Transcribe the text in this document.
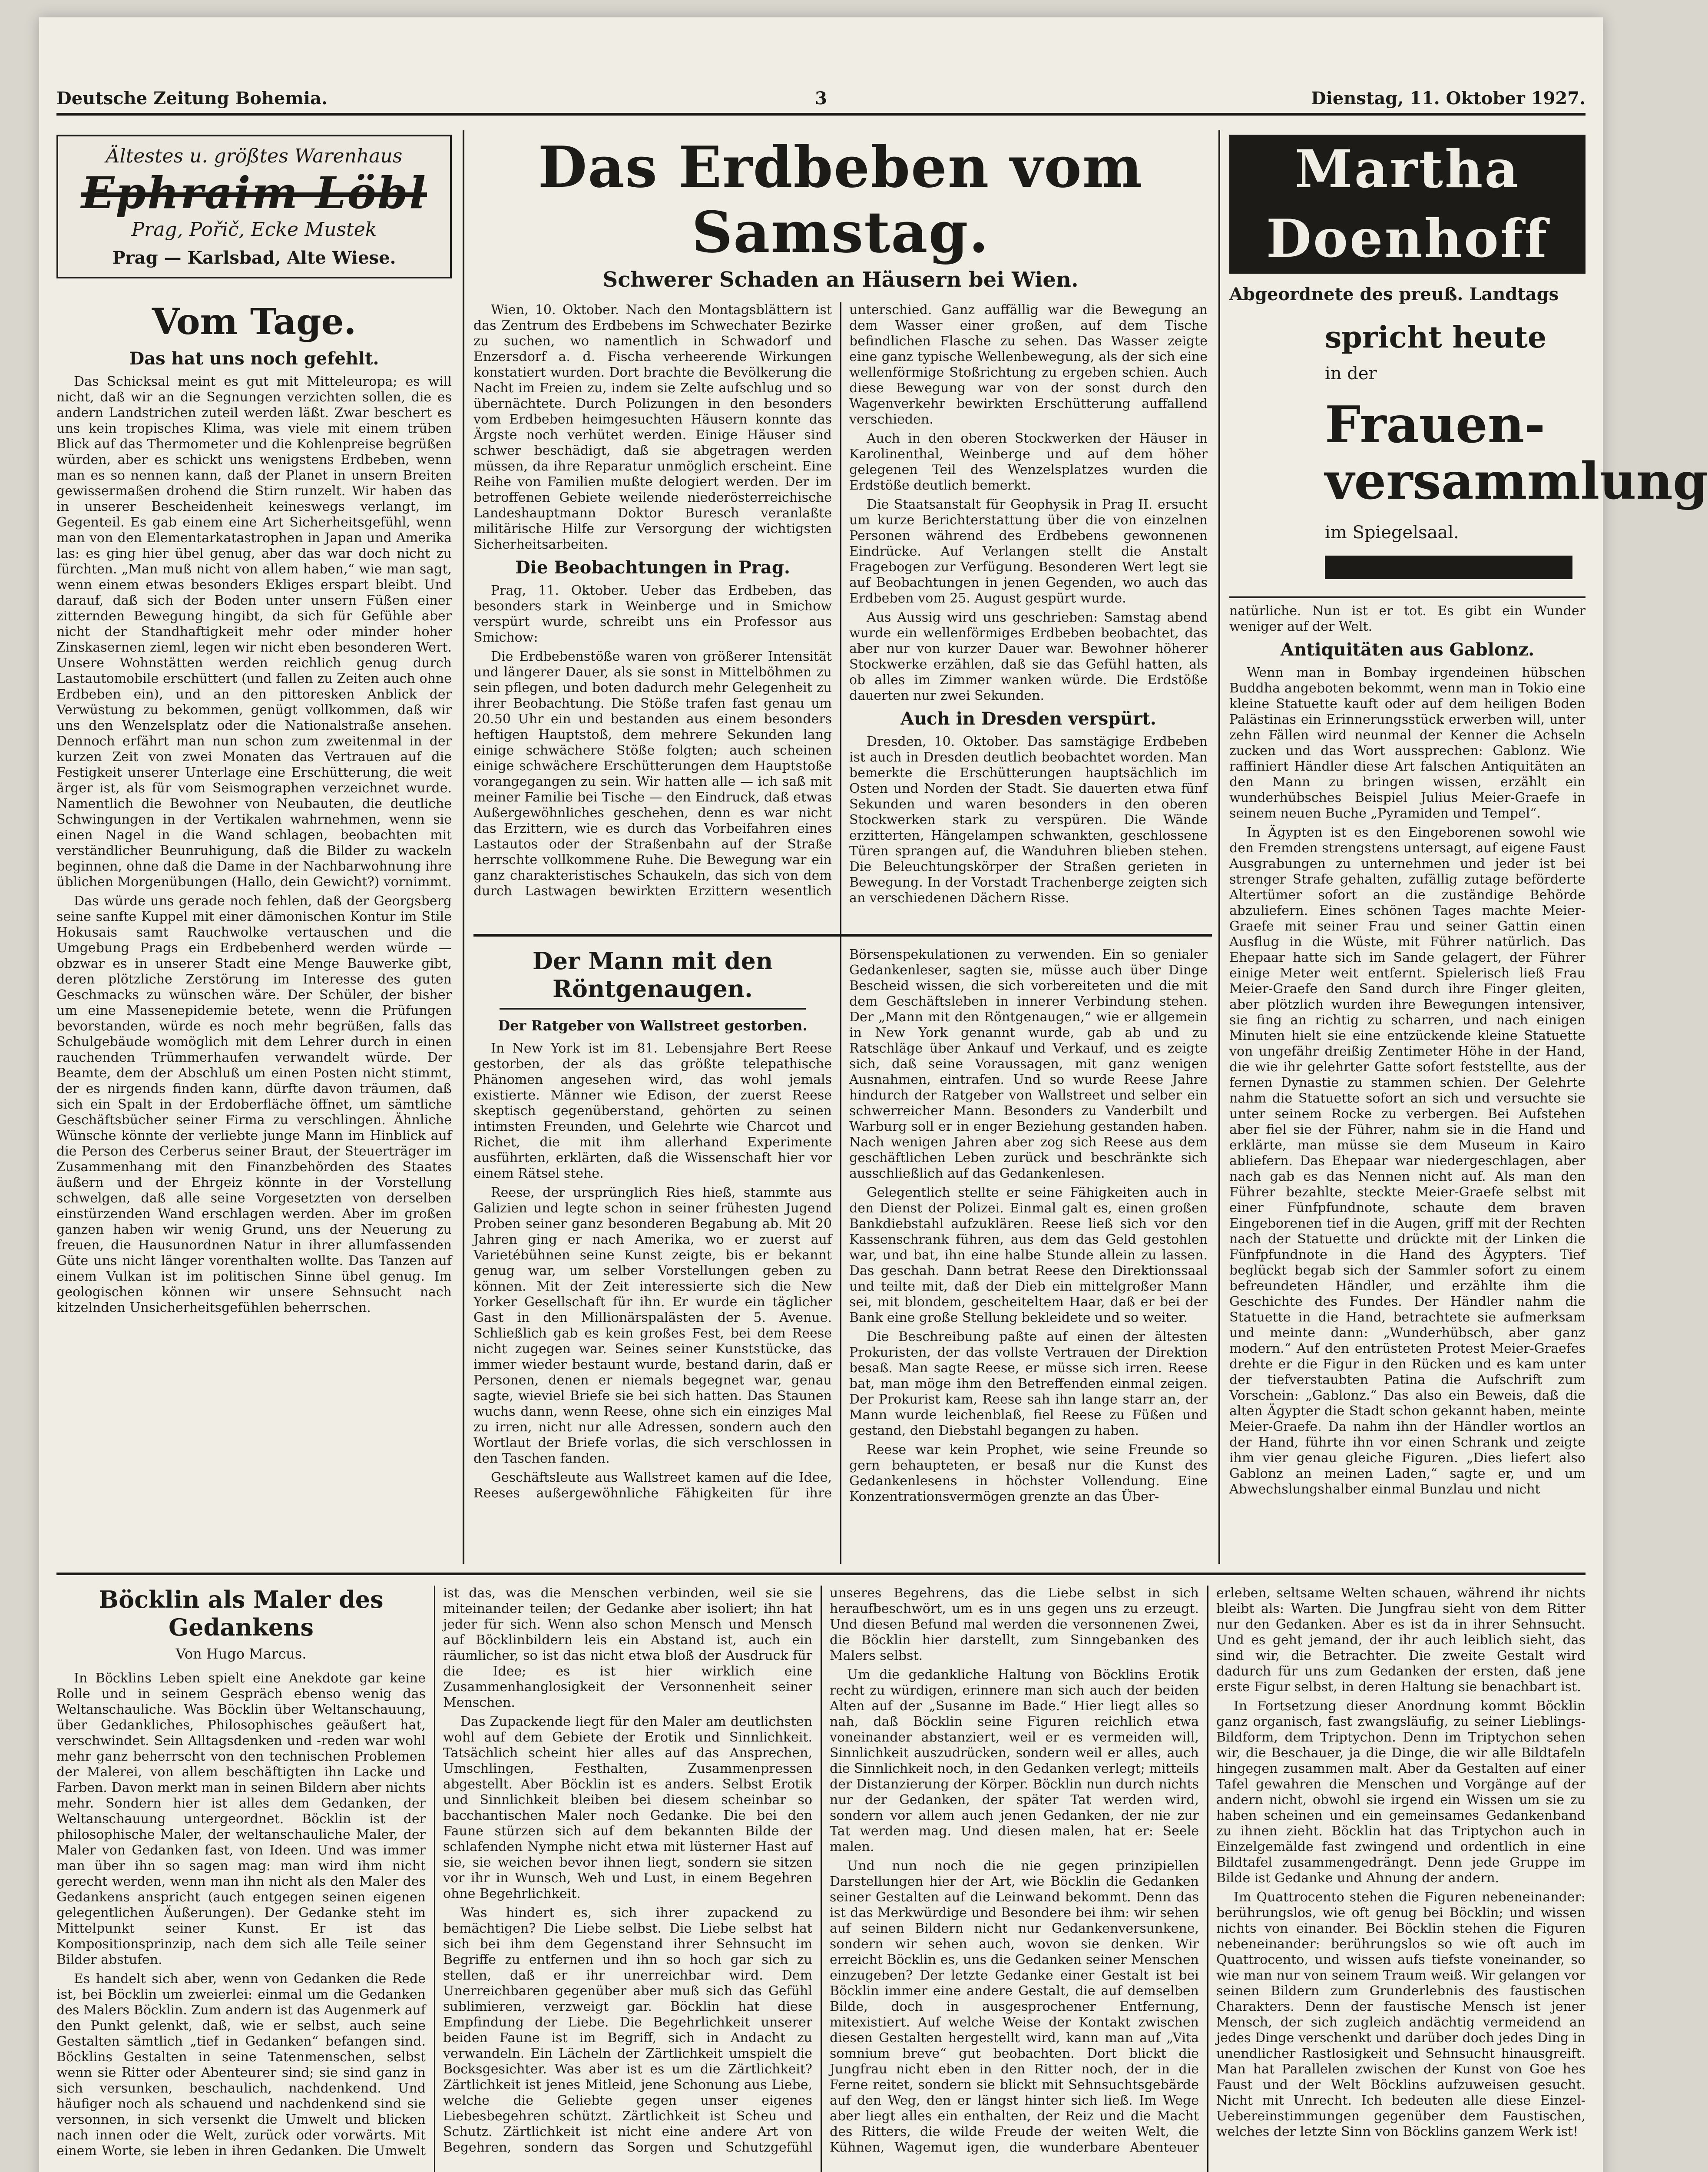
Deutsche Zeitung Bohemia.	3	Dienstag, 11. Oktober 1927.
Ältestes u. größtes Warenhaus
Ephraim Löbl
Prag, Pořič, Ecke Mustek
Prag — Karlsbad, Alte Wiese.
Vom Tage.
Das hat uns noch gefehlt.

Das Schicksal meint es gut mit Mitteleuropa; es will nicht, daß wir an die Segnungen verzichten sollen, die es andern Landstrichen zuteil werden läßt. Zwar beschert es uns kein tropisches Klima, was viele mit einem trüben Blick auf das Thermometer und die Kohlenpreise begrüßen würden, aber es schickt uns wenigstens Erdbeben, wenn man es so nennen kann, daß der Planet in unsern Breiten gewissermaßen drohend die Stirn runzelt. Wir haben das in unserer Bescheidenheit keineswegs verlangt, im Gegenteil. Es gab einem eine Art Sicherheitsgefühl, wenn man von den Elementarkatastrophen in Japan und Amerika las: es ging hier übel genug, aber das war doch nicht zu fürchten. „Man muß nicht von allem haben,“ wie man sagt, wenn einem etwas besonders Ekliges erspart bleibt. Und darauf, daß sich der Boden unter unsern Füßen einer zitternden Bewegung hingibt, da sich für Gefühle aber nicht der Standhaftigkeit mehr oder minder hoher Zinskasernen zieml, legen wir nicht eben besonderen Wert. Unsere Wohnstätten werden reichlich genug durch Lastautomobile erschüttert (und fallen zu Zeiten auch ohne Erdbeben ein), und an den pittoresken Anblick der Verwüstung zu bekommen, genügt vollkommen, daß wir uns den Wenzelsplatz oder die Nationalstraße ansehen. Dennoch erfährt man nun schon zum zweitenmal in der kurzen Zeit von zwei Monaten das Vertrauen auf die Festigkeit unserer Unterlage eine Erschütterung, die weit ärger ist, als für vom Seismographen verzeichnet wurde. Namentlich die Bewohner von Neubauten, die deutliche Schwingungen in der Vertikalen wahrnehmen, wenn sie einen Nagel in die Wand schlagen, beobachten mit verständlicher Beunruhigung, daß die Bilder zu wackeln beginnen, ohne daß die Dame in der Nachbarwohnung ihre üblichen Morgenübungen (Hallo, dein Gewicht?) vornimmt.

Das würde uns gerade noch fehlen, daß der Georgsberg seine sanfte Kuppel mit einer dämonischen Kontur im Stile Hokusais samt Rauchwolke vertauschen und die Umgebung Prags ein Erdbebenherd werden würde — obzwar es in unserer Stadt eine Menge Bauwerke gibt, deren plötzliche Zerstörung im Interesse des guten Geschmacks zu wünschen wäre. Der Schüler, der bisher um eine Massenepidemie betete, wenn die Prüfungen bevorstanden, würde es noch mehr begrüßen, falls das Schulgebäude womöglich mit dem Lehrer durch in einen rauchenden Trümmerhaufen verwandelt würde. Der Beamte, dem der Abschluß um einen Posten nicht stimmt, der es nirgends finden kann, dürfte davon träumen, daß sich ein Spalt in der Erdoberfläche öffnet, um sämtliche Geschäftsbücher seiner Firma zu verschlingen. Ähnliche Wünsche könnte der verliebte junge Mann im Hinblick auf die Person des Cerberus seiner Braut, der Steuerträger im Zusammenhang mit den Finanzbehörden des Staates äußern und der Ehrgeiz könnte in der Vorstellung schwelgen, daß alle seine Vorgesetzten von derselben einstürzenden Wand erschlagen werden. Aber im großen ganzen haben wir wenig Grund, uns der Neuerung zu freuen, die Hausunordnen Natur in ihrer allumfassenden Güte uns nicht länger vorenthalten wollte. Das Tanzen auf einem Vulkan ist im politischen Sinne übel genug. Im geologischen können wir unsere Sehnsucht nach kitzelnden Unsicherheitsgefühlen beherrschen.

Das Erdbeben vom Samstag.
Schwerer Schaden an Häusern bei Wien.

Wien, 10. Oktober. Nach den Montagsblättern ist das Zentrum des Erdbebens im Schwechater Bezirke zu suchen, wo namentlich in Schwadorf und Enzersdorf a. d. Fischa verheerende Wirkungen konstatiert wurden. Dort brachte die Bevölkerung die Nacht im Freien zu, indem sie Zelte aufschlug und so übernächtete. Durch Polizungen in den besonders vom Erdbeben heimgesuchten Häusern konnte das Ärgste noch verhütet werden. Einige Häuser sind schwer beschädigt, daß sie abgetragen werden müssen, da ihre Reparatur unmöglich erscheint. Eine Reihe von Familien mußte delogiert werden. Der im betroffenen Gebiete weilende niederösterreichische Landeshauptmann Doktor Buresch veranlaßte militärische Hilfe zur Versorgung der wichtigsten Sicherheitsarbeiten.

Die Beobachtungen in Prag.

Prag, 11. Oktober. Ueber das Erdbeben, das besonders stark in Weinberge und in Smichow verspürt wurde, schreibt uns ein Professor aus Smichow:

Die Erdbebenstöße waren von größerer Intensität und längerer Dauer, als sie sonst in Mittelböhmen zu sein pflegen, und boten dadurch mehr Gelegenheit zu ihrer Beobachtung. Die Stöße trafen fast genau um 20.50 Uhr ein und bestanden aus einem besonders heftigen Hauptstoß, dem mehrere Sekunden lang einige schwächere Stöße folgten; auch scheinen einige schwächere Erschütterungen dem Hauptstoße vorangegangen zu sein. Wir hatten alle — ich saß mit meiner Familie bei Tische — den Eindruck, daß etwas Außergewöhnliches geschehen, denn es war nicht das Erzittern, wie es durch das Vorbeifahren eines Lastautos oder der Straßenbahn auf der Straße herrschte vollkommene Ruhe. Die Bewegung war ein ganz charakteristisches Schaukeln, das sich von dem durch Lastwagen bewirkten Erzittern wesentlich unterschied. Ganz auffällig war die Bewegung an dem Wasser einer großen, auf dem Tische befindlichen Flasche zu sehen. Das Wasser zeigte eine ganz typische Wellenbewegung, als der sich eine wellenförmige Stoßrichtung zu ergeben schien. Auch diese Bewegung war von der sonst durch den Wagenverkehr bewirkten Erschütterung auffallend verschieden.

Auch in den oberen Stockwerken der Häuser in Karolinenthal, Weinberge und auf dem höher gelegenen Teil des Wenzelsplatzes wurden die Erdstöße deutlich bemerkt.

Die Staatsanstalt für Geophysik in Prag II. ersucht um kurze Berichterstattung über die von einzelnen Personen während des Erdbebens gewonnenen Eindrücke. Auf Verlangen stellt die Anstalt Fragebogen zur Verfügung. Besonderen Wert legt sie auf Beobachtungen in jenen Gegenden, wo auch das Erdbeben vom 25. August gespürt wurde.

Aus Aussig wird uns geschrieben: Samstag abend wurde ein wellenförmiges Erdbeben beobachtet, das aber nur von kurzer Dauer war. Bewohner höherer Stockwerke erzählen, daß sie das Gefühl hatten, als ob alles im Zimmer wanken würde. Die Erdstöße dauerten nur zwei Sekunden.

Auch in Dresden verspürt.

Dresden, 10. Oktober. Das samstägige Erdbeben ist auch in Dresden deutlich beobachtet worden. Man bemerkte die Erschütterungen hauptsächlich im Osten und Norden der Stadt. Sie dauerten etwa fünf Sekunden und waren besonders in den oberen Stockwerken stark zu verspüren. Die Wände erzitterten, Hängelampen schwankten, geschlossene Türen sprangen auf, die Wanduhren blieben stehen. Die Beleuchtungskörper der Straßen gerieten in Bewegung. In der Vorstadt Trachenberge zeigten sich an verschiedenen Dächern Risse.

Der Mann mit den Röntgenaugen.
Der Ratgeber von Wallstreet gestorben.

In New York ist im 81. Lebensjahre Bert Reese gestorben, der als das größte telepathische Phänomen angesehen wird, das wohl jemals existierte. Männer wie Edison, der zuerst Reese skeptisch gegenüberstand, gehörten zu seinen intimsten Freunden, und Gelehrte wie Charcot und Richet, die mit ihm allerhand Experimente ausführten, erklärten, daß die Wissenschaft hier vor einem Rätsel stehe.

Reese, der ursprünglich Ries hieß, stammte aus Galizien und legte schon in seiner frühesten Jugend Proben seiner ganz besonderen Begabung ab. Mit 20 Jahren ging er nach Amerika, wo er zuerst auf Varietébühnen seine Kunst zeigte, bis er bekannt genug war, um selber Vorstellungen geben zu können. Mit der Zeit interessierte sich die New Yorker Gesellschaft für ihn. Er wurde ein täglicher Gast in den Millionärspalästen der 5. Avenue. Schließlich gab es kein großes Fest, bei dem Reese nicht zugegen war. Seines seiner Kunststücke, das immer wieder bestaunt wurde, bestand darin, daß er Personen, denen er niemals begegnet war, genau sagte, wieviel Briefe sie bei sich hatten. Das Staunen wuchs dann, wenn Reese, ohne sich ein einziges Mal zu irren, nicht nur alle Adressen, sondern auch den Wortlaut der Briefe vorlas, die sich verschlossen in den Taschen fanden.

Geschäftsleute aus Wallstreet kamen auf die Idee, Reeses außergewöhnliche Fähigkeiten für ihre Börsenspekulationen zu verwenden. Ein so genialer Gedankenleser, sagten sie, müsse auch über Dinge Bescheid wissen, die sich vorbereiteten und die mit dem Geschäftsleben in innerer Verbindung stehen. Der „Mann mit den Röntgenaugen,“ wie er allgemein in New York genannt wurde, gab ab und zu Ratschläge über Ankauf und Verkauf, und es zeigte sich, daß seine Voraussagen, mit ganz wenigen Ausnahmen, eintrafen. Und so wurde Reese Jahre hindurch der Ratgeber von Wallstreet und selber ein schwerreicher Mann. Besonders zu Vanderbilt und Warburg soll er in enger Beziehung gestanden haben. Nach wenigen Jahren aber zog sich Reese aus dem geschäftlichen Leben zurück und beschränkte sich ausschließlich auf das Gedankenlesen.

Gelegentlich stellte er seine Fähigkeiten auch in den Dienst der Polizei. Einmal galt es, einen großen Bankdiebstahl aufzuklären. Reese ließ sich vor den Kassenschrank führen, aus dem das Geld gestohlen war, und bat, ihn eine halbe Stunde allein zu lassen. Das geschah. Dann betrat Reese den Direktionssaal und teilte mit, daß der Dieb ein mittelgroßer Mann sei, mit blondem, gescheiteltem Haar, daß er bei der Bank eine große Stellung bekleidete und so weiter.

Die Beschreibung paßte auf einen der ältesten Prokuristen, der das vollste Vertrauen der Direktion besaß. Man sagte Reese, er müsse sich irren. Reese bat, man möge ihm den Betreffenden einmal zeigen. Der Prokurist kam, Reese sah ihn lange starr an, der Mann wurde leichenblaß, fiel Reese zu Füßen und gestand, den Diebstahl begangen zu haben.

Reese war kein Prophet, wie seine Freunde so gern behaupteten, er besaß nur die Kunst des Gedankenlesens in höchster Vollendung. Eine Konzentrationsvermögen grenzte an das Über-

Martha Doenhoff
Abgeordnete des preuß. Landtags
spricht heute
in der
Frauen-versammlung
im Spiegelsaal.

natürliche. Nun ist er tot. Es gibt ein Wunder weniger auf der Welt.

Antiquitäten aus Gablonz.

Wenn man in Bombay irgendeinen hübschen Buddha angeboten bekommt, wenn man in Tokio eine kleine Statuette kauft oder auf dem heiligen Boden Palästinas ein Erinnerungsstück erwerben will, unter zehn Fällen wird neunmal der Kenner die Achseln zucken und das Wort aussprechen: Gablonz. Wie raffiniert Händler diese Art falschen Antiquitäten an den Mann zu bringen wissen, erzählt ein wunderhübsches Beispiel Julius Meier-Graefe in seinem neuen Buche „Pyramiden und Tempel“.

In Ägypten ist es den Eingeborenen sowohl wie den Fremden strengstens untersagt, auf eigene Faust Ausgrabungen zu unternehmen und jeder ist bei strenger Strafe gehalten, zufällig zutage beförderte Altertümer sofort an die zuständige Behörde abzuliefern. Eines schönen Tages machte Meier-Graefe mit seiner Frau und seiner Gattin einen Ausflug in die Wüste, mit Führer natürlich. Das Ehepaar hatte sich im Sande gelagert, der Führer einige Meter weit entfernt. Spielerisch ließ Frau Meier-Graefe den Sand durch ihre Finger gleiten, aber plötzlich wurden ihre Bewegungen intensiver, sie fing an richtig zu scharren, und nach einigen Minuten hielt sie eine entzückende kleine Statuette von ungefähr dreißig Zentimeter Höhe in der Hand, die wie ihr gelehrter Gatte sofort feststellte, aus der fernen Dynastie zu stammen schien. Der Gelehrte nahm die Statuette sofort an sich und versuchte sie unter seinem Rocke zu verbergen. Bei Aufstehen aber fiel sie der Führer, nahm sie in die Hand und erklärte, man müsse sie dem Museum in Kairo abliefern. Das Ehepaar war niedergeschlagen, aber nach gab es das Nennen nicht auf. Als man den Führer bezahlte, steckte Meier-Graefe selbst mit einer Fünfpfundnote, schaute dem braven Eingeborenen tief in die Augen, griff mit der Rechten nach der Statuette und drückte mit der Linken die Fünfpfundnote in die Hand des Ägypters. Tief beglückt begab sich der Sammler sofort zu einem befreundeten Händler, und erzählte ihm die Geschichte des Fundes. Der Händler nahm die Statuette in die Hand, betrachtete sie aufmerksam und meinte dann: „Wunderhübsch, aber ganz modern.“ Auf den entrüsteten Protest Meier-Graefes drehte er die Figur in den Rücken und es kam unter der tiefverstaubten Patina die Aufschrift zum Vorschein: „Gablonz.“ Das also ein Beweis, daß die alten Ägypter die Stadt schon gekannt haben, meinte Meier-Graefe. Da nahm ihn der Händler wortlos an der Hand, führte ihn vor einen Schrank und zeigte ihm vier genau gleiche Figuren. „Dies liefert also Gablonz an meinen Laden,“ sagte er, und um Abwechslungshalber einmal Bunzlau und nicht

Böcklin als Maler des Gedankens
Von Hugo Marcus.

In Böcklins Leben spielt eine Anekdote gar keine Rolle und in seinem Gespräch ebenso wenig das Weltanschauliche. Was Böcklin über Weltanschauung, über Gedankliches, Philosophisches geäußert hat, verschwindet. Sein Alltagsdenken und -reden war wohl mehr ganz beherrscht von den technischen Problemen der Malerei, von allem beschäftigten ihn Lacke und Farben. Davon merkt man in seinen Bildern aber nichts mehr. Sondern hier ist alles dem Gedanken, der Weltanschauung untergeordnet. Böcklin ist der philosophische Maler, der weltanschauliche Maler, der Maler von Gedanken fast, von Ideen. Und was immer man über ihn so sagen mag: man wird ihm nicht gerecht werden, wenn man ihn nicht als den Maler des Gedankens anspricht (auch entgegen seinen eigenen gelegentlichen Äußerungen). Der Gedanke steht im Mittelpunkt seiner Kunst. Er ist das Kompositionsprinzip, nach dem sich alle Teile seiner Bilder abstufen.

Es handelt sich aber, wenn von Gedanken die Rede ist, bei Böcklin um zweierlei: einmal um die Gedanken des Malers Böcklin. Zum andern ist das Augenmerk auf den Punkt gelenkt, daß, wie er selbst, auch seine Gestalten sämtlich „tief in Gedanken“ befangen sind. Böcklins Gestalten in seine Tatenmenschen, selbst wenn sie Ritter oder Abenteurer sind; sie sind ganz in sich versunken, beschaulich, nachdenkend. Und häufiger noch als schauend und nachdenkend sind sie versonnen, in sich versenkt die Umwelt und blicken nach innen oder die Welt, zurück oder vorwärts. Mit einem Worte, sie leben in ihren Gedanken. Die Umwelt ist das, was die Menschen verbinden, weil sie sie miteinander teilen; der Gedanke aber isoliert; ihn hat jeder für sich. Wenn also schon Mensch und Mensch auf Böcklinbildern leis ein Abstand ist, auch ein räumlicher, so ist das nicht etwa bloß der Ausdruck für die Idee; es ist hier wirklich eine Zusammenhanglosigkeit der Versonnenheit seiner Menschen.

Das Zupackende liegt für den Maler am deutlichsten wohl auf dem Gebiete der Erotik und Sinnlichkeit. Tatsächlich scheint hier alles auf das Ansprechen, Umschlingen, Festhalten, Zusammenpressen abgestellt. Aber Böcklin ist es anders. Selbst Erotik und Sinnlichkeit bleiben bei diesem scheinbar so bacchantischen Maler noch Gedanke. Die bei den Faune stürzen sich auf dem bekannten Bilde der schlafenden Nymphe nicht etwa mit lüsterner Hast auf sie, sie weichen bevor ihnen liegt, sondern sie sitzen vor ihr in Wunsch, Weh und Lust, in einem Begehren ohne Begehrlichkeit.

Was hindert es, sich ihrer zupackend zu bemächtigen? Die Liebe selbst. Die Liebe selbst hat sich bei ihm dem Gegenstand ihrer Sehnsucht im Begriffe zu entfernen und ihn so hoch gar sich zu stellen, daß er ihr unerreichbar wird. Dem Unerreichbaren gegenüber aber muß sich das Gefühl sublimieren, verzweigt gar. Böcklin hat diese Empfindung der Liebe. Die Begehrlichkeit unserer beiden Faune ist im Begriff, sich in Andacht zu verwandeln. Ein Lächeln der Zärtlichkeit umspielt die Bocksgesichter. Was aber ist es um die Zärtlichkeit? Zärtlichkeit ist jenes Mitleid, jene Schonung aus Liebe, welche die Geliebte gegen unser eigenes Liebesbegehren schützt. Zärtlichkeit ist Scheu und Schutz. Zärtlichkeit ist nicht eine andere Art von Begehren, sondern das Sorgen und Schutzgefühl unseres Begehrens, das die Liebe selbst in sich heraufbeschwört, um es in uns gegen uns zu erzeugt. Und diesen Befund mal werden die versonnenen Zwei, die Böcklin hier darstellt, zum Sinngebanken des Malers selbst.

Um die gedankliche Haltung von Böcklins Erotik recht zu würdigen, erinnere man sich auch der beiden Alten auf der „Susanne im Bade.“ Hier liegt alles so nah, daß Böcklin seine Figuren reichlich etwa voneinander abstanziert, weil er es vermeiden will, Sinnlichkeit auszudrücken, sondern weil er alles, auch die Sinnlichkeit noch, in den Gedanken verlegt; mitteils der Distanzierung der Körper. Böcklin nun durch nichts nur der Gedanken, der später Tat werden wird, sondern vor allem auch jenen Gedanken, der nie zur Tat werden mag. Und diesen malen, hat er: Seele malen.

Und nun noch die nie gegen prinzipiellen Darstellungen hier der Art, wie Böcklin die Gedanken seiner Gestalten auf die Leinwand bekommt. Denn das ist das Merkwürdige und Besondere bei ihm: wir sehen auf seinen Bildern nicht nur Gedankenversunkene, sondern wir sehen auch, wovon sie denken. Wir erreicht Böcklin es, uns die Gedanken seiner Menschen einzugeben? Der letzte Gedanke einer Gestalt ist bei Böcklin immer eine andere Gestalt, die auf demselben Bilde, doch in ausgesprochener Entfernung, mitexistiert. Auf welche Weise der Kontakt zwischen diesen Gestalten hergestellt wird, kann man auf „Vita somnium breve“ gut beobachten. Dort blickt die Jungfrau nicht eben in den Ritter noch, der in die Ferne reitet, sondern sie blickt mit Sehnsuchtsgebärde auf den Weg, den er längst hinter sich ließ. Im Wege aber liegt alles ein enthalten, der Reiz und die Macht des Ritters, die wilde Freude der weiten Welt, die Kühnen, Wagemut igen, die wunderbare Abenteuer erleben, seltsame Welten schauen, während ihr nichts bleibt als: Warten. Die Jungfrau sieht von dem Ritter nur den Gedanken. Aber es ist da in ihrer Sehnsucht. Und es geht jemand, der ihr auch leiblich sieht, das sind wir, die Betrachter. Die zweite Gestalt wird dadurch für uns zum Gedanken der ersten, daß jene erste Figur selbst, in deren Haltung sie benachbart ist.

In Fortsetzung dieser Anordnung kommt Böcklin ganz organisch, fast zwangsläufig, zu seiner Lieblings-Bildform, dem Triptychon. Denn im Triptychon sehen wir, die Beschauer, ja die Dinge, die wir alle Bildtafeln hingegen zusammen malt. Aber da Gestalten auf einer Tafel gewahren die Menschen und Vorgänge auf der andern nicht, obwohl sie irgend ein Wissen um sie zu haben scheinen und ein gemeinsames Gedankenband zu ihnen zieht. Böcklin hat das Triptychon auch in Einzelgemälde fast zwingend und ordentlich in eine Bildtafel zusammengedrängt. Denn jede Gruppe im Bilde ist Gedanke und Ahnung der andern.

Im Quattrocento stehen die Figuren nebeneinander: berührungslos, wie oft genug bei Böcklin; und wissen nichts von einander. Bei Böcklin stehen die Figuren nebeneinander: berührungslos so wie oft auch im Quattrocento, und wissen aufs tiefste voneinander, so wie man nur von seinem Traum weiß. Wir gelangen vor seinen Bildern zum Grunderlebnis des faustischen Charakters. Denn der faustische Mensch ist jener Mensch, der sich zugleich andächtig vermeidend an jedes Dinge verschenkt und darüber doch jedes Ding in unendlicher Rastlosigkeit und Sehnsucht hinausgreift. Man hat Parallelen zwischen der Kunst von Goe hes Faust und der Welt Böcklins aufzuweisen gesucht. Nicht mit Unrecht. Ich bedeuten alle diese Einzel-Uebereinstimmungen gegenüber dem Faustischen, welches der letzte Sinn von Böcklins ganzem Werk ist!
